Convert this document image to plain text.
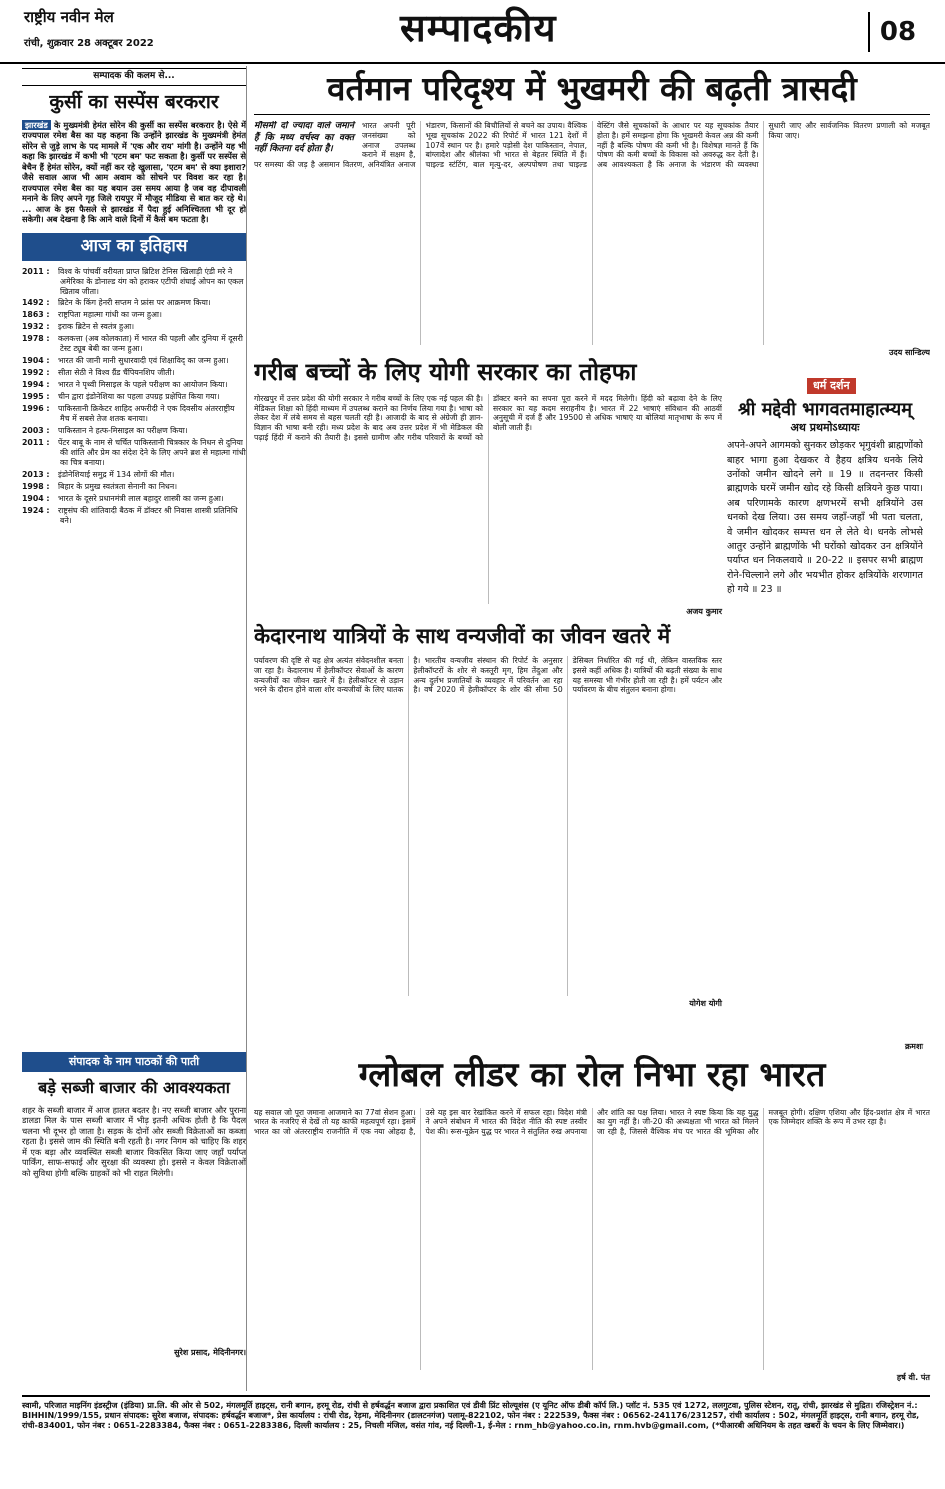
राष्ट्रीय नवीन मेल
रांची, शुक्रवार 28 अक्टूबर 2022	सम्पादकीय	08
सम्पादक की कलम से...
कुर्सी का सस्पेंस बरकरार
झारखंड के मुख्यमंत्री हेमंत सोरेन की कुर्सी का सस्पेंस बरकरार है। ऐसे में राज्यपाल रमेश बैस का यह कहना कि उन्होंने झारखंड के मुख्यमंत्री हेमंत सोरेन से जुड़े लाभ के पद मामले में 'एक और राय' मांगी है। उन्होंने यह भी कहा कि झारखंड में कभी भी 'एटम बम' फट सकता है। कुर्सी पर सस्पेंस से बेचैन हैं हेमंत सोरेन, क्यों नहीं कर रहे खुलासा, 'एटम बम' से क्या इशारा? जैसे सवाल आज भी आम अवाम को सोचने पर विवश कर रहा है। राज्यपाल रमेश बैस का यह बयान उस समय आया है जब वह दीपावली मनाने के लिए अपने गृह जिले रायपुर में मौजूद मीडिया से बात कर रहे थे। ... आज के इस फैसले से झारखंड में पैदा हुई अनिश्चितता भी दूर हो सकेगी। अब देखना है कि आने वाले दिनों में कैसे बम फटता है।
आज का इतिहास
2011 : विश्व के पांचवीं वरीयता प्राप्त ब्रिटिश टेनिस खिलाड़ी एंडी मरे ने अमेरिका के डोनाल्ड यंग को हराकर एटीपी शंघाई ओपन का एकल खिताब जीता।
1492 : ब्रिटेन के किंग हेनरी सप्तम ने फ्रांस पर आक्रमण किया।
1863 : राष्ट्रपिता महात्मा गांधी का जन्म हुआ।
1932 : इराक ब्रिटेन से स्वतंत्र हुआ।
1978 : कलकत्ता (अब कोलकाता) में भारत की पहली और दुनिया में दूसरी टेस्ट ट्यूब बेबी का जन्म हुआ।
1904 : भारत की जानी मानी सुधारवादी एवं शिक्षाविद् का जन्म हुआ।
1992 : सीता सेठी ने विश्व ग्रैंड चैंपियनशिप जीती।
1994 : भारत ने पृथ्वी मिसाइल के पहले परीक्षण का आयोजन किया।
1995 : चीन द्वारा इंडोनेशिया का पहला उपग्रह प्रक्षेपित किया गया।
1996 : पाकिस्तानी क्रिकेटर शाहिद अफरीदी ने एक दिवसीय अंतरराष्ट्रीय मैच में सबसे तेज शतक बनाया।
2003 : पाकिस्तान ने हत्फ-मिसाइल का परीक्षण किया।
2011 : पेंटर बाबू के नाम से चर्चित पाकिस्तानी चित्रकार के निधन से दुनिया की शांति और प्रेम का संदेश देने के लिए अपने ब्रश से महात्मा गांधी का चित्र बनाया।
2013 : इंडोनेशियाई समुद्र में 134 लोगों की मौत।
1998 : बिहार के प्रमुख स्वतंत्रता सेनानी का निधन।
1904 : भारत के दूसरे प्रधानमंत्री लाल बहादुर शास्त्री का जन्म हुआ।
1924 : राष्ट्रसंघ की शांतिवादी बैठक में डॉक्टर श्री निवास शास्त्री प्रतिनिधि बने।
वर्तमान परिदृश्य में भुखमरी की बढ़ती त्रासदी
मौसमी दो ज्यादा वाले जमाने हैं कि मध्य वर्चस्व का वक्त नहीं कितना दर्द होता है।
भारत अपनी पूरी जनसंख्या को अनाज उपलब्ध कराने में सक्षम है, पर समस्या की जड़ है असमान वितरण, अनियंत्रित अनाज भंडारण, किसानों की बिचौलियों से बचने का उपाय। वैश्विक भूख सूचकांक 2022 की रिपोर्ट में भारत 121 देशों में 107वें स्थान पर है। हमारे पड़ोसी देश पाकिस्तान, नेपाल, बांग्लादेश और श्रीलंका भी भारत से बेहतर स्थिति में हैं। चाइल्ड स्टंटिंग, बाल मृत्यु-दर, अल्पपोषण तथा चाइल्ड वेस्टिंग जैसे सूचकांकों के आधार पर यह सूचकांक तैयार होता है। हमें समझना होगा कि भूखमरी केवल अन्न की कमी नहीं है बल्कि पोषण की कमी भी है। विशेषज्ञ मानते हैं कि पोषण की कमी बच्चों के विकास को अवरुद्ध कर देती है। अब आवश्यकता है कि अनाज के भंडारण की व्यवस्था सुधारी जाए और सार्वजनिक वितरण प्रणाली को मजबूत किया जाए।
उदय सान्डिल्य
गरीब बच्चों के लिए योगी सरकार का तोहफा
गोरखपुर में उत्तर प्रदेश की योगी सरकार ने गरीब बच्चों के लिए एक नई पहल की है। मेडिकल शिक्षा को हिंदी माध्यम में उपलब्ध कराने का निर्णय लिया गया है। भाषा को लेकर देश में लंबे समय से बहस चलती रही है। आजादी के बाद से अंग्रेजी ही ज्ञान-विज्ञान की भाषा बनी रही। मध्य प्रदेश के बाद अब उत्तर प्रदेश में भी मेडिकल की पढ़ाई हिंदी में कराने की तैयारी है। इससे ग्रामीण और गरीब परिवारों के बच्चों को डॉक्टर बनने का सपना पूरा करने में मदद मिलेगी। हिंदी को बढ़ावा देने के लिए सरकार का यह कदम सराहनीय है। भारत में 22 भाषाएं संविधान की आठवीं अनुसूची में दर्ज हैं और 19500 से अधिक भाषाएं या बोलियां मातृभाषा के रूप में बोली जाती हैं।
अजय कुमार
केदारनाथ यात्रियों के साथ वन्यजीवों का जीवन खतरे में
पर्यावरण की दृष्टि से यह क्षेत्र अत्यंत संवेदनशील बनता जा रहा है। केदारनाथ में हेलीकॉप्टर सेवाओं के कारण वन्यजीवों का जीवन खतरे में है। हेलीकॉप्टर से उड़ान भरने के दौरान होने वाला शोर वन्यजीवों के लिए घातक है। भारतीय वन्यजीव संस्थान की रिपोर्ट के अनुसार हेलीकॉप्टरों के शोर से कस्तूरी मृग, हिम तेंदुआ और अन्य दुर्लभ प्रजातियों के व्यवहार में परिवर्तन आ रहा है। वर्ष 2020 में हेलीकॉप्टर के शोर की सीमा 50 डेसिबल निर्धारित की गई थी, लेकिन वास्तविक स्तर इससे कहीं अधिक है। यात्रियों की बढ़ती संख्या के साथ यह समस्या भी गंभीर होती जा रही है। हमें पर्यटन और पर्यावरण के बीच संतुलन बनाना होगा।
योगेश योगी
धर्म दर्शन
श्री मद्देवी भागवतमाहात्म्यम्
अथ प्रथमोऽध्यायः
अपने-अपने आगमको सुनकर छोड़कर भृगुवंशी ब्राह्मणोंको बाहर भागा हुआ देखकर वे हैहय क्षत्रिय धनके लिये उनोंको जमीन खोदने लगे ॥ 19 ॥ तदनन्तर किसी ब्राह्मणके घरमें जमीन खोद रहे किसी क्षत्रियने कुछ पाया। अब परिणामके कारण क्षणभरमें सभी क्षत्रियोंने उस धनको देख लिया। उस समय जहाँ-जहाँ भी पता चलता, वे जमीन खोदकर सम्पत्त धन ले लेते थे। धनके लोभसे आतुर उन्होंने ब्राह्मणोंके भी घरोंको खोदकर उन क्षत्रियोंने पर्याप्त धन निकलवाये ॥ 20-22 ॥ इसपर सभी ब्राह्मण रोने-चिल्लाने लगे और भयभीत होकर क्षत्रियोंके शरणागत हो गये ॥ 23 ॥
क्रमशः
संपादक के नाम पाठकों की पाती
बड़े सब्जी बाजार की आवश्यकता
शहर के सब्जी बाजार में आज हालत बदतर है। नए सब्जी बाजार और पुराना डालडा मिल के पास सब्जी बाजार में भीड़ इतनी अधिक होती है कि पैदल चलना भी दूभर हो जाता है। सड़क के दोनों ओर सब्जी विक्रेताओं का कब्जा रहता है। इससे जाम की स्थिति बनी रहती है। नगर निगम को चाहिए कि शहर में एक बड़ा और व्यवस्थित सब्जी बाजार विकसित किया जाए जहाँ पर्याप्त पार्किंग, साफ-सफाई और सुरक्षा की व्यवस्था हो। इससे न केवल विक्रेताओं को सुविधा होगी बल्कि ग्राहकों को भी राहत मिलेगी।
सुरेश प्रसाद, मेदिनीनगर।
ग्लोबल लीडर का रोल निभा रहा भारत
यह सवाल जो पूरा जमाना आजमाने का 77वां सेशन हुआ। भारत के नजरिए से देखें तो यह काफी महत्वपूर्ण रहा। इसमें भारत का जो अंतरराष्ट्रीय राजनीति में एक नया ओहदा है, उसे यह इस बार रेखांकित करने में सफल रहा। विदेश मंत्री ने अपने संबोधन में भारत की विदेश नीति की स्पष्ट तस्वीर पेश की। रूस-यूक्रेन युद्ध पर भारत ने संतुलित रुख अपनाया और शांति का पक्ष लिया। भारत ने स्पष्ट किया कि यह युद्ध का युग नहीं है। जी-20 की अध्यक्षता भी भारत को मिलने जा रही है, जिससे वैश्विक मंच पर भारत की भूमिका और मजबूत होगी। दक्षिण एशिया और हिंद-प्रशांत क्षेत्र में भारत एक जिम्मेदार शक्ति के रूप में उभर रहा है।
हर्ष वी. पंत
स्वामी, परिजात माइनिंग इंडस्ट्रीज (इंडिया) प्रा.लि. की ओर से 502, मंगलमूर्ति हाइट्स, रानी बगान, हरमू रोड, रांची से हर्षवर्द्धन बजाज द्वारा प्रकाशित एवं डीवी प्रिंट सोल्यूशंस (ए यूनिट ऑफ डीबी कॉर्प लि.) प्लॉट नं. 535 एवं 1272, ललगुटवा, पुलिस स्टेशन, रातू, रांची, झारखंड से मुद्रित। रजिस्ट्रेशन नं.: BIHHIN/1999/155, प्रधान संपादक: सुरेश बजाज, संपादक: हर्षवर्द्धन बजाज*, प्रेस कार्यालय : रांची रोड, रेड़मा, मेदिनीनगर (डालटनगंज) पलामू-822102, फोन नंबर : 222539, फैक्स नंबर : 06562-241176/231257, रांची कार्यालय : 502, मंगलमूर्ति हाइट्स, रानी बगान, हरमू रोड, रांची-834001, फोन नंबर : 0651-2283384, फैक्स नंबर : 0651-2283386, दिल्ली कार्यालय : 25, निचली मंजिल, वसंत गांव, नई दिल्ली-1, ई-मेल : rnm_hb@yahoo.co.in, rnm.hvb@gmail.com, (*पीआरबी अधिनियम के तहत खबरों के चयन के लिए जिम्मेवार।)
